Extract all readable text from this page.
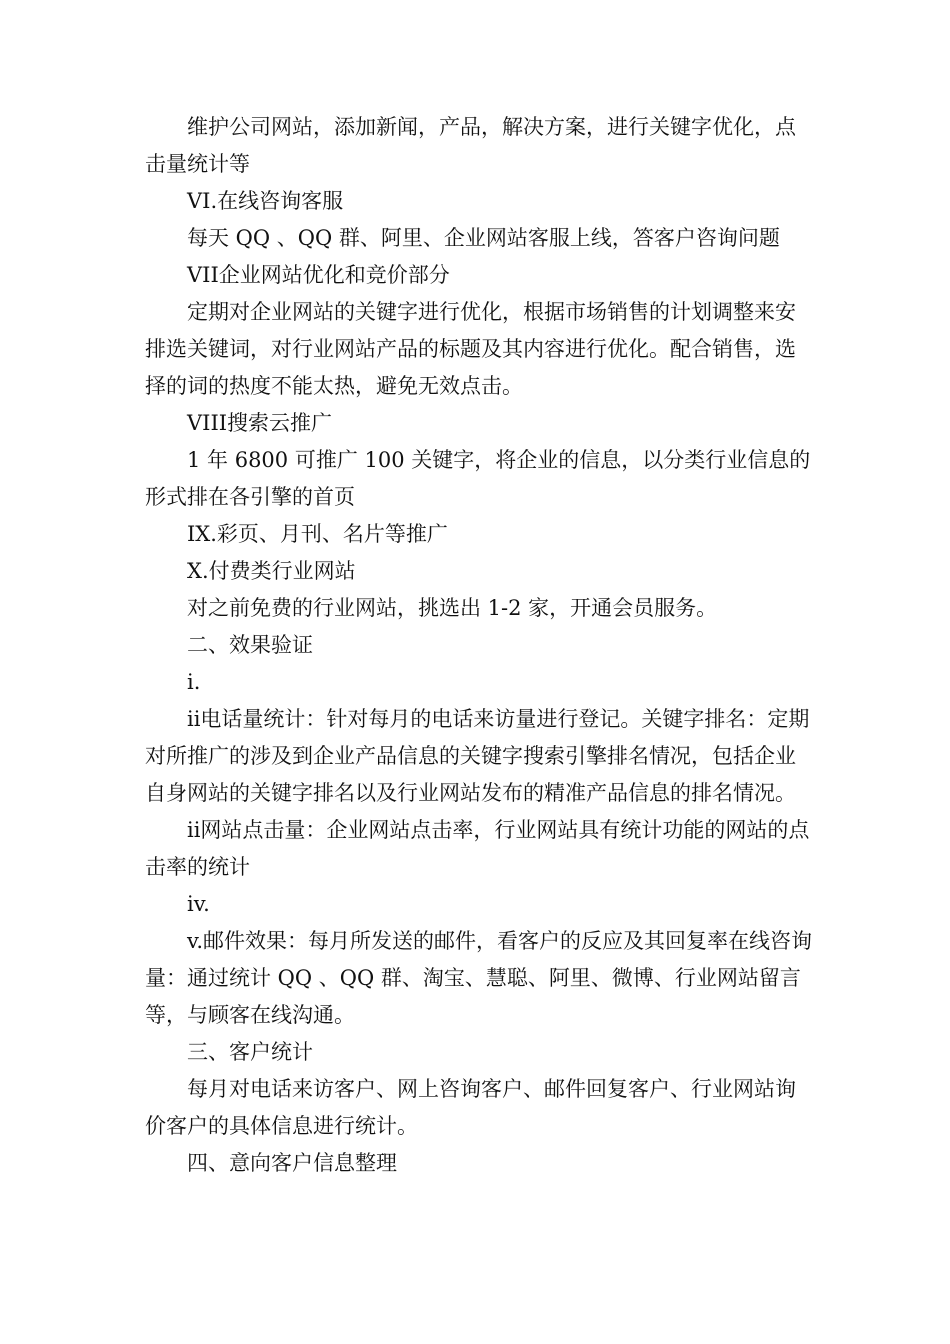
维护公司网站，添加新闻，产品，解决方案，进行关键字优化，点击量统计等

VI.在线咨询客服

每天 QQ 、QQ 群、阿里、企业网站客服上线，答客户咨询问题

VII企业网站优化和竞价部分

定期对企业网站的关键字进行优化，根据市场销售的计划调整来安排选关键词，对行业网站产品的标题及其内容进行优化。配合销售，选择的词的热度不能太热，避免无效点击。

VIII搜索云推广

1 年 6800 可推广 100 关键字，将企业的信息，以分类行业信息的形式排在各引擎的首页

IX.彩页、月刊、名片等推广

X.付费类行业网站

对之前免费的行业网站，挑选出 1-2 家，开通会员服务。

二、效果验证

i.

ii电话量统计：针对每月的电话来访量进行登记。关键字排名：定期对所推广的涉及到企业产品信息的关键字搜索引擎排名情况，包括企业自身网站的关键字排名以及行业网站发布的精准产品信息的排名情况。

ii网站点击量：企业网站点击率，行业网站具有统计功能的网站的点击率的统计

iv.

v.邮件效果：每月所发送的邮件，看客户的反应及其回复率在线咨询量：通过统计 QQ 、QQ 群、淘宝、慧聪、阿里、微博、行业网站留言等，与顾客在线沟通。

三、客户统计

每月对电话来访客户、网上咨询客户、邮件回复客户、行业网站询价客户的具体信息进行统计。

四、意向客户信息整理
